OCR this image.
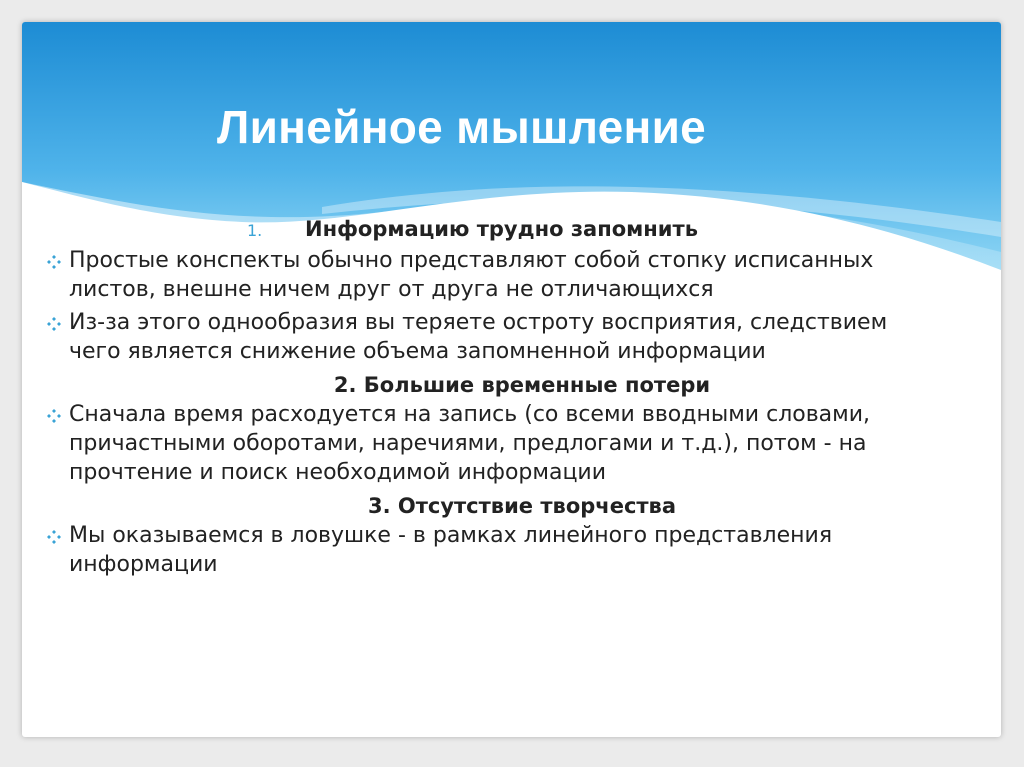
Линейное мышление

1. Информацию трудно запомнить

Простые конспекты обычно представляют собой стопку исписанных листов, внешне ничем друг от друга не отличающихся

Из-за этого однообразия вы теряете остроту восприятия, следствием чего является снижение объема запомненной информации

2. Большие временные потери

Сначала время расходуется на запись (со всеми вводными словами, причастными оборотами, наречиями, предлогами и т.д.), потом - на прочтение и поиск необходимой информации

3. Отсутствие творчества

Мы оказываемся в ловушке - в рамках линейного представления информации
